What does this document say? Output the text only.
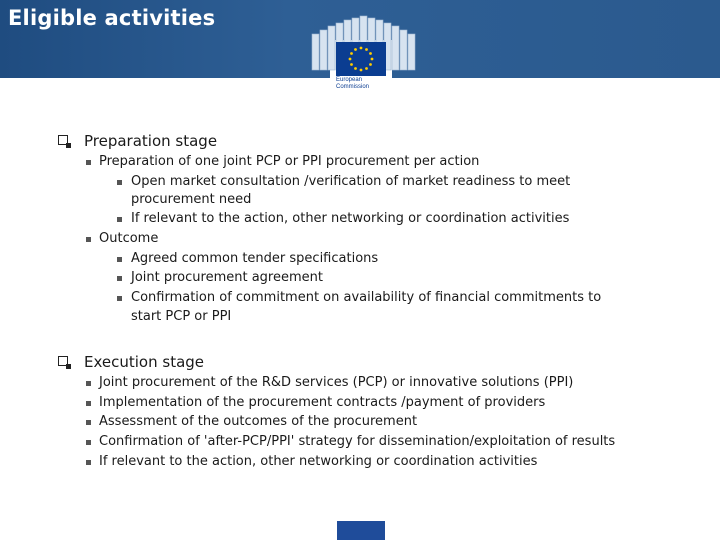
Eligible activities
European
Commission
Preparation stage
Preparation of one joint PCP or PPI procurement per action
Open market consultation /verification of market readiness to meet
procurement need
If relevant to the action, other networking or coordination activities
Outcome
Agreed common tender specifications
Joint procurement agreement
Confirmation of commitment on availability of financial commitments to
start PCP or PPI
Execution stage
Joint procurement of the R&D services (PCP) or innovative solutions (PPI)
Implementation of the procurement contracts /payment of providers
Assessment of the outcomes of the procurement
Confirmation of 'after-PCP/PPI' strategy for dissemination/exploitation of results
If relevant to the action, other networking or coordination activities
